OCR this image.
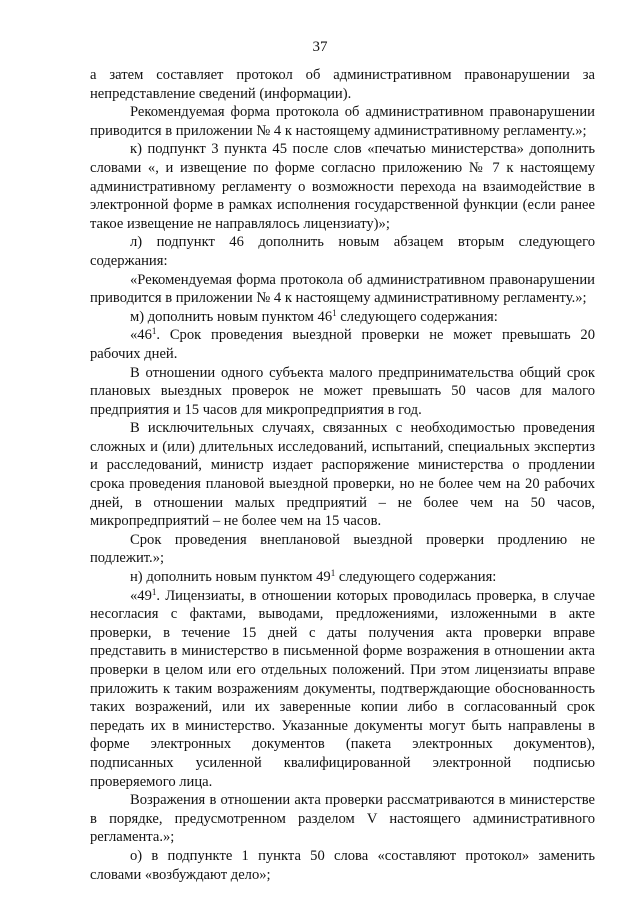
37

а затем составляет протокол об административном правонарушении за непредставление сведений (информации).

Рекомендуемая форма протокола об административном правонарушении приводится в приложении № 4 к настоящему административному регламенту.»;

к) подпункт 3 пункта 45 после слов «печатью министерства» дополнить словами «, и извещение по форме согласно приложению № 7 к настоящему административному регламенту о возможности перехода на взаимодействие в электронной форме в рамках исполнения государственной функции (если ранее такое извещение не направлялось лицензиату)»;

л) подпункт 46 дополнить новым абзацем вторым следующего содержания:

«Рекомендуемая форма протокола об административном правонарушении приводится в приложении № 4 к настоящему административному регламенту.»;

м) дополнить новым пунктом $46^1$ следующего содержания:

«$46^1$. Срок проведения выездной проверки не может превышать 20 рабочих дней.

В отношении одного субъекта малого предпринимательства общий срок плановых выездных проверок не может превышать 50 часов для малого предприятия и 15 часов для микропредприятия в год.

В исключительных случаях, связанных с необходимостью проведения сложных и (или) длительных исследований, испытаний, специальных экспертиз и расследований, министр издает распоряжение министерства о продлении срока проведения плановой выездной проверки, но не более чем на 20 рабочих дней, в отношении малых предприятий – не более чем на 50 часов, микропредприятий – не более чем на 15 часов.

Срок проведения внеплановой выездной проверки продлению не подлежит.»;

н) дополнить новым пунктом $49^1$ следующего содержания:

«$49^1$. Лицензиаты, в отношении которых проводилась проверка, в случае несогласия с фактами, выводами, предложениями, изложенными в акте проверки, в течение 15 дней с даты получения акта проверки вправе представить в министерство в письменной форме возражения в отношении акта проверки в целом или его отдельных положений. При этом лицензиаты вправе приложить к таким возражениям документы, подтверждающие обоснованность таких возражений, или их заверенные копии либо в согласованный срок передать их в министерство. Указанные документы могут быть направлены в форме электронных документов (пакета электронных документов), подписанных усиленной квалифицированной электронной подписью проверяемого лица.

Возражения в отношении акта проверки рассматриваются в министерстве в порядке, предусмотренном разделом V настоящего административного регламента.»;

о) в подпункте 1 пункта 50 слова «составляют протокол» заменить словами «возбуждают дело»;
